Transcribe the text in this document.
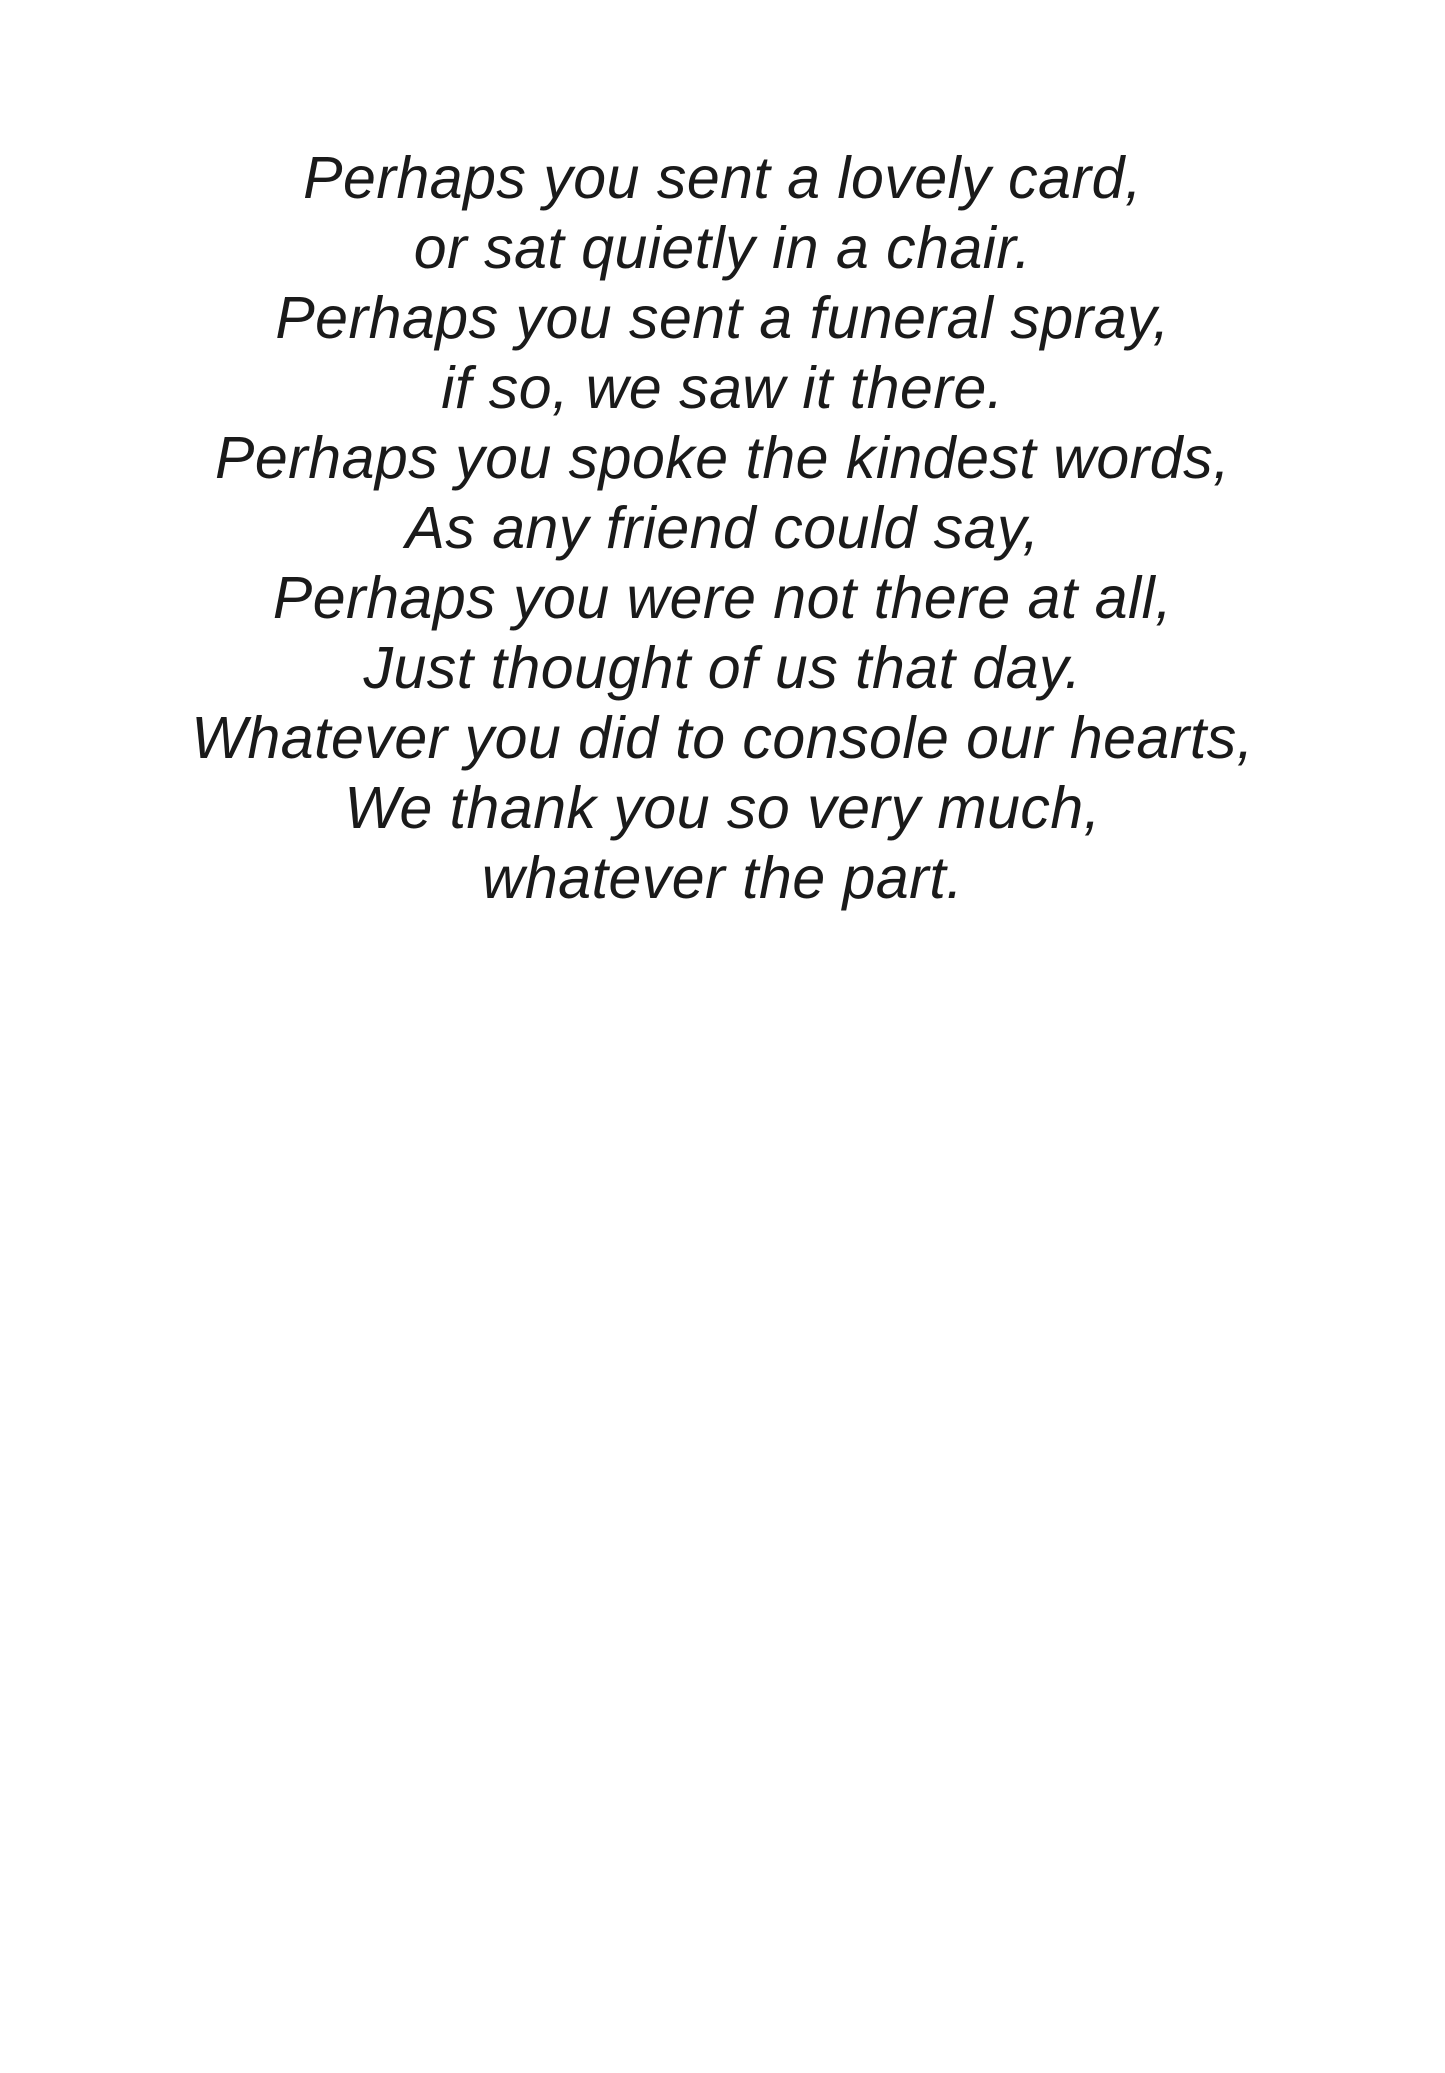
Perhaps you sent a lovely card,

or sat quietly in a chair.

Perhaps you sent a funeral spray,

if so, we saw it there.

Perhaps you spoke the kindest words,

As any friend could say,

Perhaps you were not there at all,

Just thought of us that day.

Whatever you did to console our hearts,

We thank you so very much,

whatever the part.
